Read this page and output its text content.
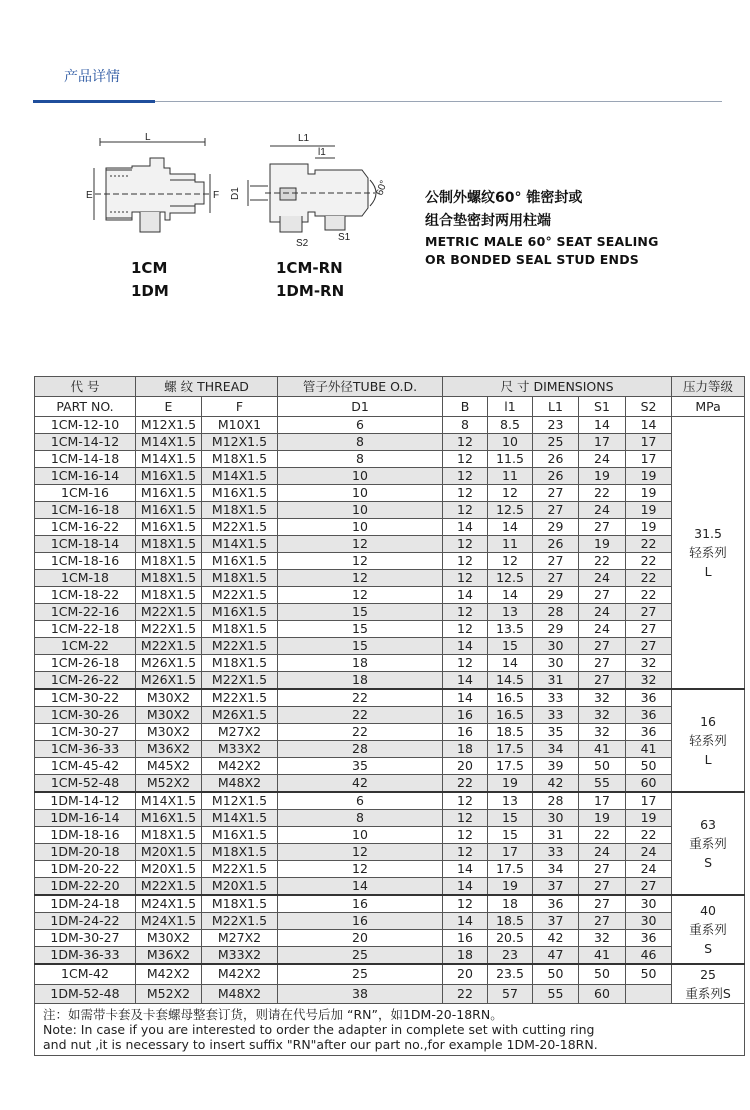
产品详情
E	F
L	L1
l1
D1
S2
S1
60°
1CM
1DM
1CM-RN
1DM-RN
公制外螺纹60° 锥密封或
组合垫密封两用柱端
METRIC MALE 60° SEAT SEALING
OR BONDED SEAL STUD ENDS
代 号	螺 纹 THREAD		管子外径TUBE O.D.	尺 寸 DIMENSIONS					压力等级
PART NO.	E	F	D1	B	l1	L1	S1	S2	MPa
1CM-12-10	M12X1.5	M10X1	6	8	8.5	23	14	14	31.5
轻系列
L

1CM-14-12	M14X1.5	M12X1.5	8	12	10	25	17	17	
1CM-14-18	M14X1.5	M18X1.5	8	12	11.5	26	24	17	
1CM-16-14	M16X1.5	M14X1.5	10	12	11	26	19	19	
1CM-16	M16X1.5	M16X1.5	10	12	12	27	22	19	
1CM-16-18	M16X1.5	M18X1.5	10	12	12.5	27	24	19	
1CM-16-22	M16X1.5	M22X1.5	10	14	14	29	27	19	
1CM-18-14	M18X1.5	M14X1.5	12	12	11	26	19	22	
1CM-18-16	M18X1.5	M16X1.5	12	12	12	27	22	22	
1CM-18	M18X1.5	M18X1.5	12	12	12.5	27	24	22	
1CM-18-22	M18X1.5	M22X1.5	12	14	14	29	27	22	
1CM-22-16	M22X1.5	M16X1.5	15	12	13	28	24	27	
1CM-22-18	M22X1.5	M18X1.5	15	12	13.5	29	24	27	
1CM-22	M22X1.5	M22X1.5	15	14	15	30	27	27	
1CM-26-18	M26X1.5	M18X1.5	18	12	14	30	27	32	
1CM-26-22	M26X1.5	M22X1.5	18	14	14.5	31	27	32	
1CM-30-22	M30X2	M22X1.5	22	14	16.5	33	32	36	16
轻系列
L

1CM-30-26	M30X2	M26X1.5	22	16	16.5	33	32	36	
1CM-30-27	M30X2	M27X2	22	16	18.5	35	32	36	
1CM-36-33	M36X2	M33X2	28	18	17.5	34	41	41	
1CM-45-42	M45X2	M42X2	35	20	17.5	39	50	50	
1CM-52-48	M52X2	M48X2	42	22	19	42	55	60	
1DM-14-12	M14X1.5	M12X1.5	6	12	13	28	17	17	63
重系列
S

1DM-16-14	M16X1.5	M14X1.5	8	12	15	30	19	19	
1DM-18-16	M18X1.5	M16X1.5	10	12	15	31	22	22	
1DM-20-18	M20X1.5	M18X1.5	12	12	17	33	24	24	
1DM-20-22	M20X1.5	M22X1.5	12	14	17.5	34	27	24	
1DM-22-20	M22X1.5	M20X1.5	14	14	19	37	27	27	
1DM-24-18	M24X1.5	M18X1.5	16	12	18	36	27	30	40
重系列
S

1DM-24-22	M24X1.5	M22X1.5	16	14	18.5	37	27	30	
1DM-30-27	M30X2	M27X2	20	16	20.5	42	32	36	
1DM-36-33	M36X2	M33X2	25	18	23	47	41	46	
1CM-42	M42X2	M42X2	25	20	23.5	50	50	50	25
重系列S

1DM-52-48	M52X2	M48X2	38	22	57	55	60		

注：如需带卡套及卡套螺母整套订货，则请在代号后加 “RN”，如1DM-20-18RN。
Note: In case if you are interested to order the adapter in complete set with cutting ring
and nut ,it is necessary to insert suffix "RN"after our part no.,for example 1DM-20-18RN.									
